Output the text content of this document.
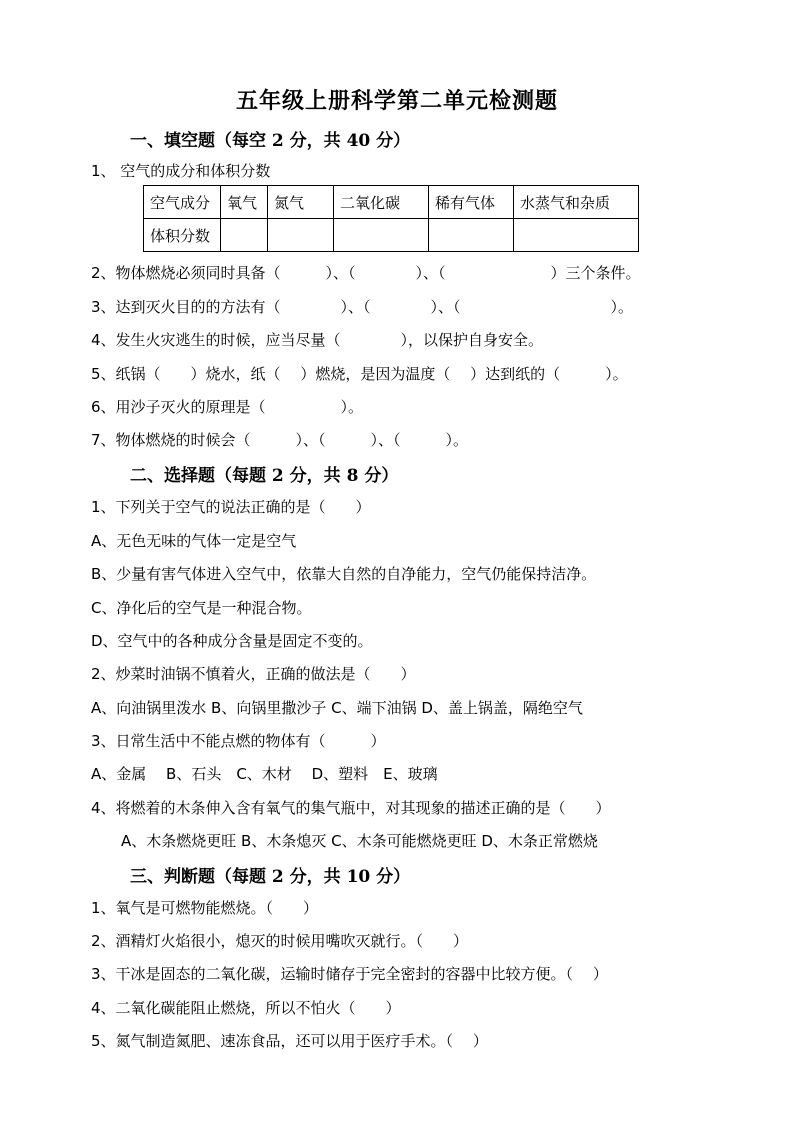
五年级上册科学第二单元检测题
一、填空题（每空 2 分，共 40 分）
1、 空气的成分和体积分数
空气成分	氧气	氮气	二氧化碳	稀有气体	水蒸气和杂质
体积分数					
2、物体燃烧必须同时具备（　　　）、（　　　　）、（　　　　　　　）三个条件。
3、达到灭火目的的方法有（　　　　）、（　　　　）、（　　　　　　　　　　）。
4、发生火灾逃生的时候，应当尽量（　　　　），以保护自身安全。
5、纸锅（　　）烧水，纸（　 ）燃烧，是因为温度（　 ）达到纸的（　　　）。
6、用沙子灭火的原理是（　　　　　）。
7、物体燃烧的时候会（　　　）、（　　　）、（　　　）。
二、选择题（每题 2 分，共 8 分）
1、下列关于空气的说法正确的是（　　）
A、无色无味的气体一定是空气
B、少量有害气体进入空气中，依靠大自然的自净能力，空气仍能保持洁净。
C、净化后的空气是一种混合物。
D、空气中的各种成分含量是固定不变的。
2、炒菜时油锅不慎着火，正确的做法是（　　）
A、向油锅里泼水 B、向锅里撒沙子 C、端下油锅 D、盖上锅盖，隔绝空气
3、日常生活中不能点燃的物体有（　　　）
A、金属　 B、石头　C、木材　 D、塑料　E、玻璃
4、将燃着的木条伸入含有氧气的集气瓶中，对其现象的描述正确的是（　　）
A、木条燃烧更旺 B、木条熄灭 C、木条可能燃烧更旺 D、木条正常燃烧
三、判断题（每题 2 分，共 10 分）
1、氧气是可燃物能燃烧。（　　）
2、酒精灯火焰很小，熄灭的时候用嘴吹灭就行。（　　）
3、干冰是固态的二氧化碳，运输时储存于完全密封的容器中比较方便。（　 ）
4、二氧化碳能阻止燃烧，所以不怕火（　　）
5、氮气制造氮肥、速冻食品，还可以用于医疗手术。（　 ）
